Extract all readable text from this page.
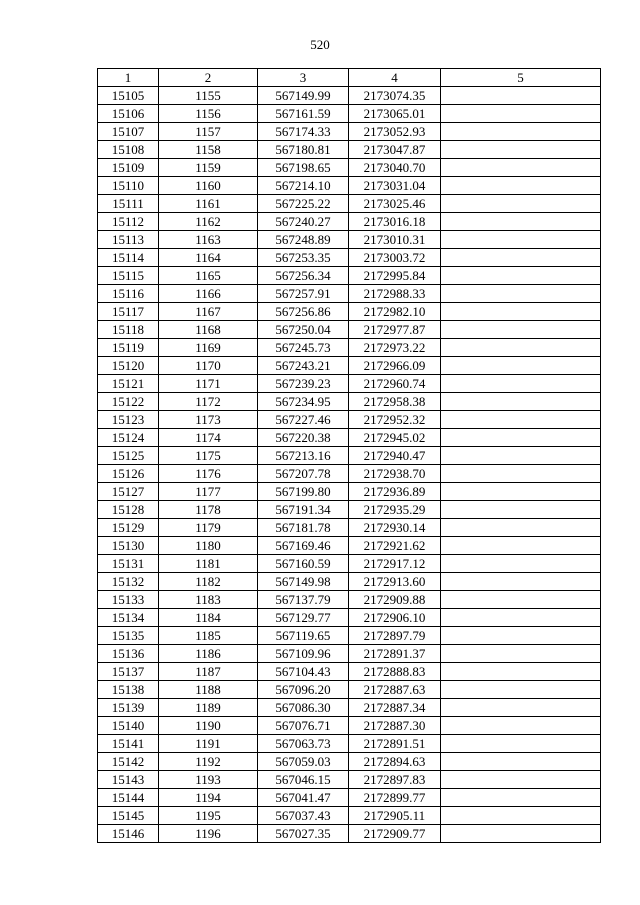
520
1	2	3	4	5
15105	1155	567149.99	2173074.35	
15106	1156	567161.59	2173065.01	
15107	1157	567174.33	2173052.93	
15108	1158	567180.81	2173047.87	
15109	1159	567198.65	2173040.70	
15110	1160	567214.10	2173031.04	
15111	1161	567225.22	2173025.46	
15112	1162	567240.27	2173016.18	
15113	1163	567248.89	2173010.31	
15114	1164	567253.35	2173003.72	
15115	1165	567256.34	2172995.84	
15116	1166	567257.91	2172988.33	
15117	1167	567256.86	2172982.10	
15118	1168	567250.04	2172977.87	
15119	1169	567245.73	2172973.22	
15120	1170	567243.21	2172966.09	
15121	1171	567239.23	2172960.74	
15122	1172	567234.95	2172958.38	
15123	1173	567227.46	2172952.32	
15124	1174	567220.38	2172945.02	
15125	1175	567213.16	2172940.47	
15126	1176	567207.78	2172938.70	
15127	1177	567199.80	2172936.89	
15128	1178	567191.34	2172935.29	
15129	1179	567181.78	2172930.14	
15130	1180	567169.46	2172921.62	
15131	1181	567160.59	2172917.12	
15132	1182	567149.98	2172913.60	
15133	1183	567137.79	2172909.88	
15134	1184	567129.77	2172906.10	
15135	1185	567119.65	2172897.79	
15136	1186	567109.96	2172891.37	
15137	1187	567104.43	2172888.83	
15138	1188	567096.20	2172887.63	
15139	1189	567086.30	2172887.34	
15140	1190	567076.71	2172887.30	
15141	1191	567063.73	2172891.51	
15142	1192	567059.03	2172894.63	
15143	1193	567046.15	2172897.83	
15144	1194	567041.47	2172899.77	
15145	1195	567037.43	2172905.11	
15146	1196	567027.35	2172909.77	
